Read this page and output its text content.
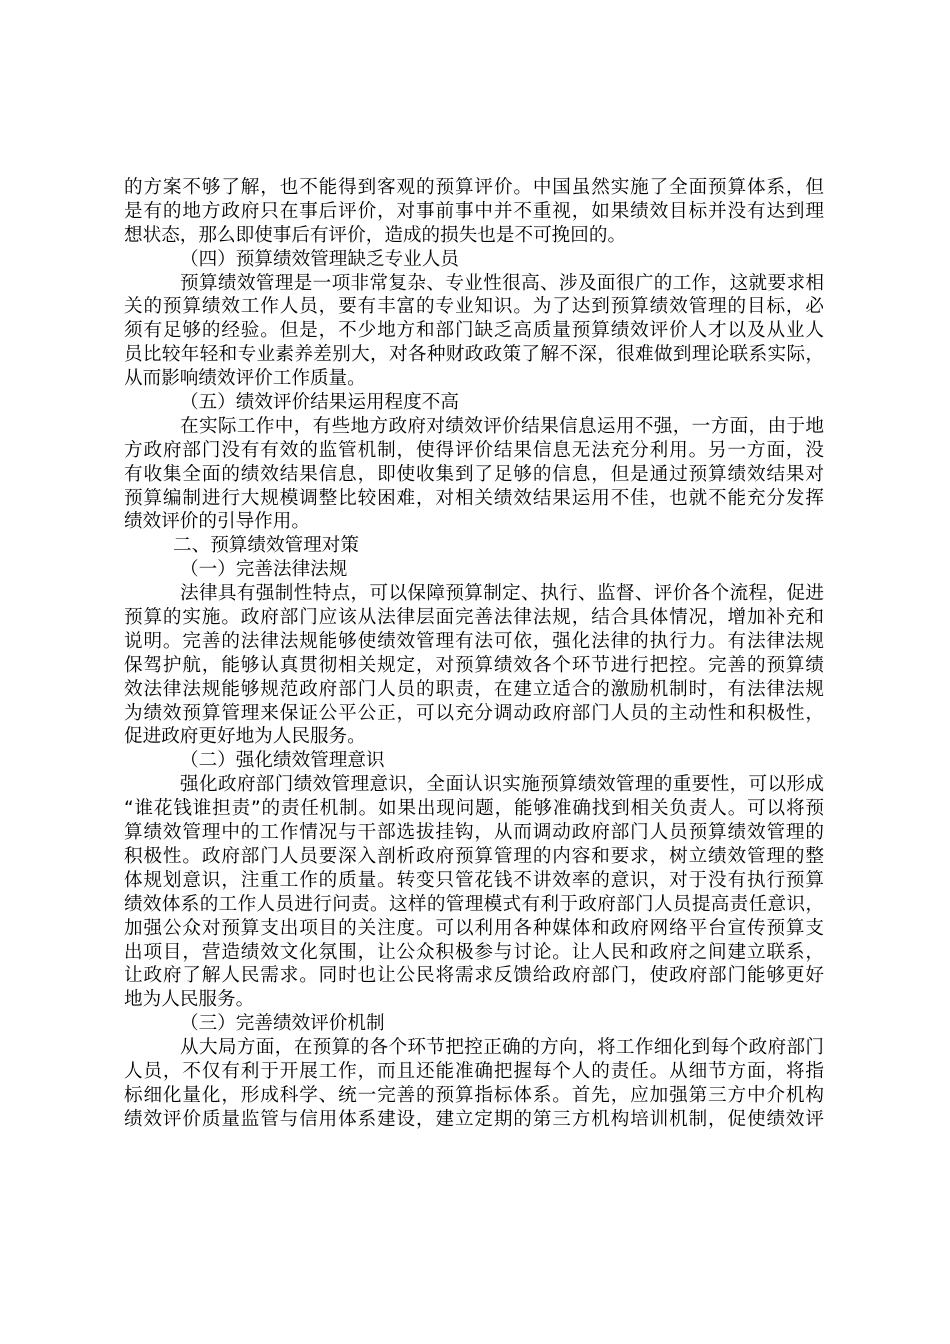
的方案不够了解，也不能得到客观的预算评价。中国虽然实施了全面预算体系，但
是有的地方政府只在事后评价，对事前事中并不重视，如果绩效目标并没有达到理
想状态，那么即使事后有评价，造成的损失也是不可挽回的。
（四）预算绩效管理缺乏专业人员
预算绩效管理是一项非常复杂、专业性很高、涉及面很广的工作，这就要求相
关的预算绩效工作人员，要有丰富的专业知识。为了达到预算绩效管理的目标，必
须有足够的经验。但是，不少地方和部门缺乏高质量预算绩效评价人才以及从业人
员比较年轻和专业素养差别大，对各种财政政策了解不深，很难做到理论联系实际，
从而影响绩效评价工作质量。
（五）绩效评价结果运用程度不高
在实际工作中，有些地方政府对绩效评价结果信息运用不强，一方面，由于地
方政府部门没有有效的监管机制，使得评价结果信息无法充分利用。另一方面，没
有收集全面的绩效结果信息，即使收集到了足够的信息，但是通过预算绩效结果对
预算编制进行大规模调整比较困难，对相关绩效结果运用不佳，也就不能充分发挥
绩效评价的引导作用。
二、预算绩效管理对策
（一）完善法律法规
法律具有强制性特点，可以保障预算制定、执行、监督、评价各个流程，促进
预算的实施。政府部门应该从法律层面完善法律法规，结合具体情况，增加补充和
说明。完善的法律法规能够使绩效管理有法可依，强化法律的执行力。有法律法规
保驾护航，能够认真贯彻相关规定，对预算绩效各个环节进行把控。完善的预算绩
效法律法规能够规范政府部门人员的职责，在建立适合的激励机制时，有法律法规
为绩效预算管理来保证公平公正，可以充分调动政府部门人员的主动性和积极性，
促进政府更好地为人民服务。
（二）强化绩效管理意识
强化政府部门绩效管理意识，全面认识实施预算绩效管理的重要性，可以形成
“谁花钱谁担责”的责任机制。如果出现问题，能够准确找到相关负责人。可以将预
算绩效管理中的工作情况与干部选拔挂钩，从而调动政府部门人员预算绩效管理的
积极性。政府部门人员要深入剖析政府预算管理的内容和要求，树立绩效管理的整
体规划意识，注重工作的质量。转变只管花钱不讲效率的意识，对于没有执行预算
绩效体系的工作人员进行问责。这样的管理模式有利于政府部门人员提高责任意识，
加强公众对预算支出项目的关注度。可以利用各种媒体和政府网络平台宣传预算支
出项目，营造绩效文化氛围，让公众积极参与讨论。让人民和政府之间建立联系，
让政府了解人民需求。同时也让公民将需求反馈给政府部门，使政府部门能够更好
地为人民服务。
（三）完善绩效评价机制
从大局方面，在预算的各个环节把控正确的方向，将工作细化到每个政府部门
人员，不仅有利于开展工作，而且还能准确把握每个人的责任。从细节方面，将指
标细化量化，形成科学、统一完善的预算指标体系。首先，应加强第三方中介机构
绩效评价质量监管与信用体系建设，建立定期的第三方机构培训机制，促使绩效评
